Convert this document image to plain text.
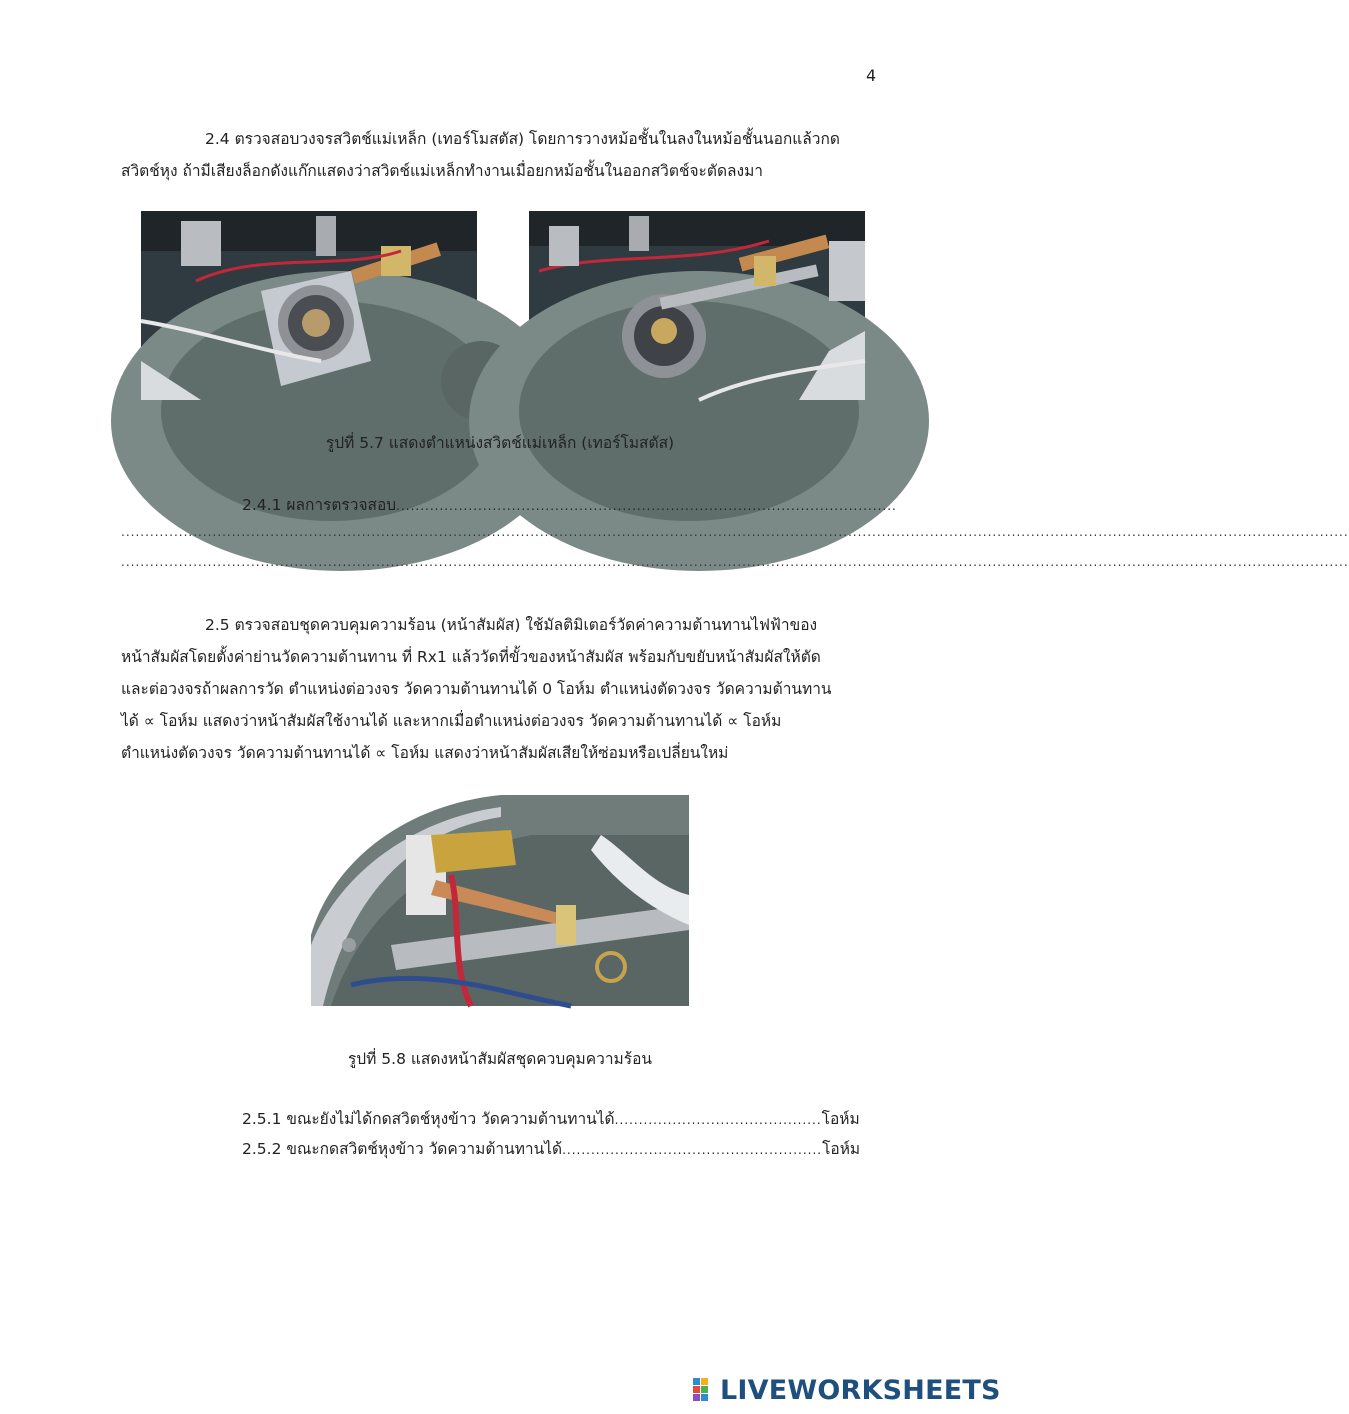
4
2.4 ตรวจสอบวงจรสวิตช์แม่เหล็ก (เทอร์โมสตัส) โดยการวางหม้อชั้นในลงในหม้อชั้นนอกแล้วกด
สวิตช์หุง ถ้ามีเสียงล็อกดังแก๊กแสดงว่าสวิตช์แม่เหล็กทำงานเมื่อยกหม้อชั้นในออกสวิตช์จะตัดลงมา
รูปที่ 5.7 แสดงตำแหน่งสวิตช์แม่เหล็ก (เทอร์โมสตัส)
2.4.1 ผลการตรวจสอบ........................................................................................................
...............................................................................................................................................................................................................................................................
...............................................................................................................................................................................................................................................................
2.5 ตรวจสอบชุดควบคุมความร้อน (หน้าสัมผัส) ใช้มัลติมิเตอร์วัดค่าความต้านทานไฟฟ้าของ
หน้าสัมผัสโดยตั้งค่าย่านวัดความต้านทาน ที่ Rx1 แล้ววัดที่ขั้วของหน้าสัมผัส พร้อมกับขยับหน้าสัมผัสให้ตัด
และต่อวงจรถ้าผลการวัด ตำแหน่งต่อวงจร วัดความต้านทานได้ 0 โอห์ม ตำแหน่งตัดวงจร วัดความต้านทาน
ได้ ∝ โอห์ม แสดงว่าหน้าสัมผัสใช้งานได้ และหากเมื่อตำแหน่งต่อวงจร วัดความต้านทานได้ ∝ โอห์ม
ตำแหน่งตัดวงจร วัดความต้านทานได้ ∝ โอห์ม แสดงว่าหน้าสัมผัสเสียให้ซ่อมหรือเปลี่ยนใหม่
รูปที่ 5.8 แสดงหน้าสัมผัสชุดควบคุมความร้อน
2.5.1 ขณะยังไม่ได้กดสวิตช์หุงข้าว วัดความต้านทานได้...........................................โอห์ม
2.5.2 ขณะกดสวิตช์หุงข้าว วัดความต้านทานได้......................................................โอห์ม
LIVEWORKSHEETS
